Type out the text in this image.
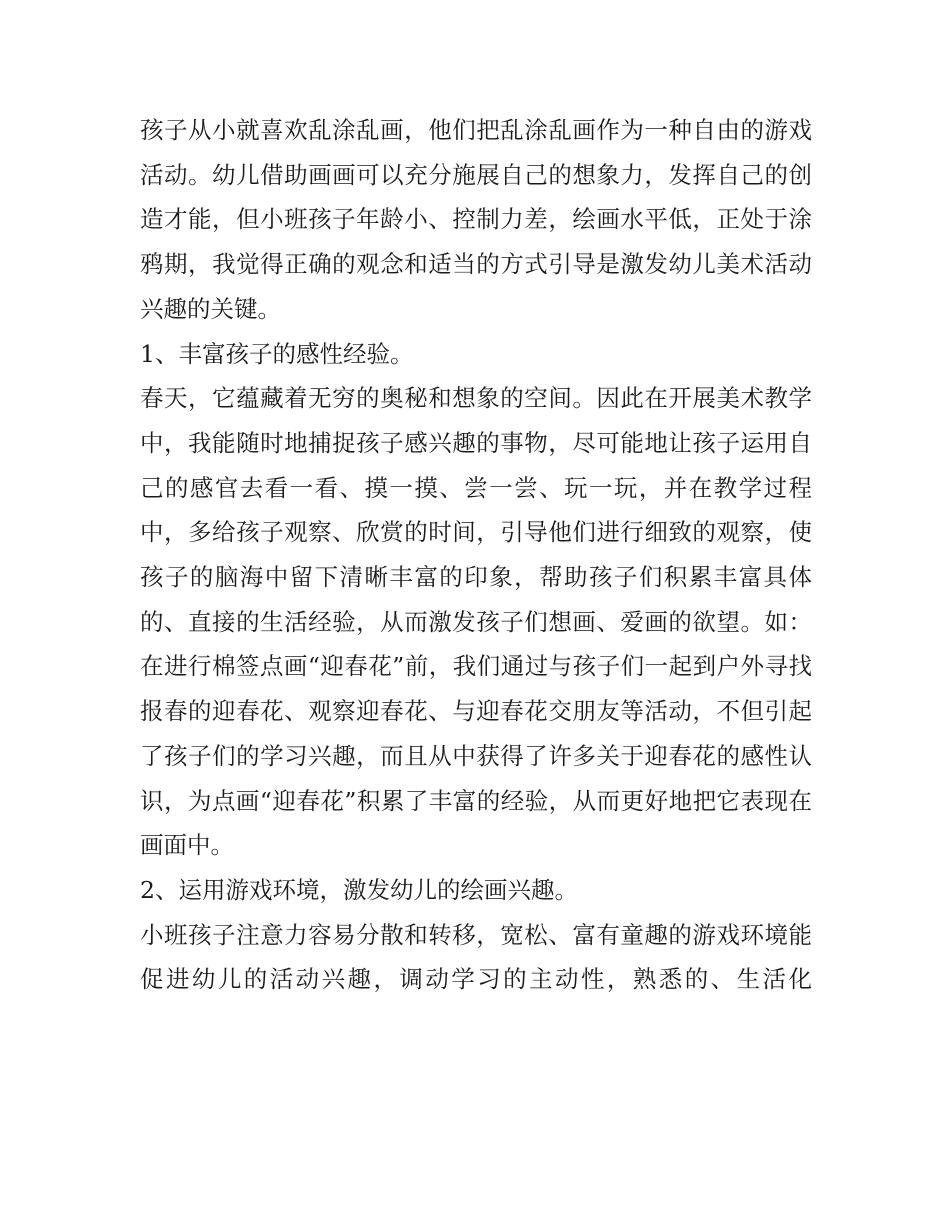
孩子从小就喜欢乱涂乱画，他们把乱涂乱画作为一种自由的游戏活动。幼儿借助画画可以充分施展自己的想象力，发挥自己的创造才能，但小班孩子年龄小、控制力差，绘画水平低，正处于涂鸦期，我觉得正确的观念和适当的方式引导是激发幼儿美术活动兴趣的关键。

1、丰富孩子的感性经验。

春天，它蕴藏着无穷的奥秘和想象的空间。因此在开展美术教学中，我能随时地捕捉孩子感兴趣的事物，尽可能地让孩子运用自己的感官去看一看、摸一摸、尝一尝、玩一玩，并在教学过程中，多给孩子观察、欣赏的时间，引导他们进行细致的观察，使孩子的脑海中留下清晰丰富的印象，帮助孩子们积累丰富具体的、直接的生活经验，从而激发孩子们想画、爱画的欲望。如：在进行棉签点画“迎春花”前，我们通过与孩子们一起到户外寻找报春的迎春花、观察迎春花、与迎春花交朋友等活动，不但引起了孩子们的学习兴趣，而且从中获得了许多关于迎春花的感性认识，为点画“迎春花”积累了丰富的经验，从而更好地把它表现在画面中。

2、运用游戏环境，激发幼儿的绘画兴趣。

小班孩子注意力容易分散和转移，宽松、富有童趣的游戏环境能促进幼儿的活动兴趣，调动学习的主动性，熟悉的、生活化
